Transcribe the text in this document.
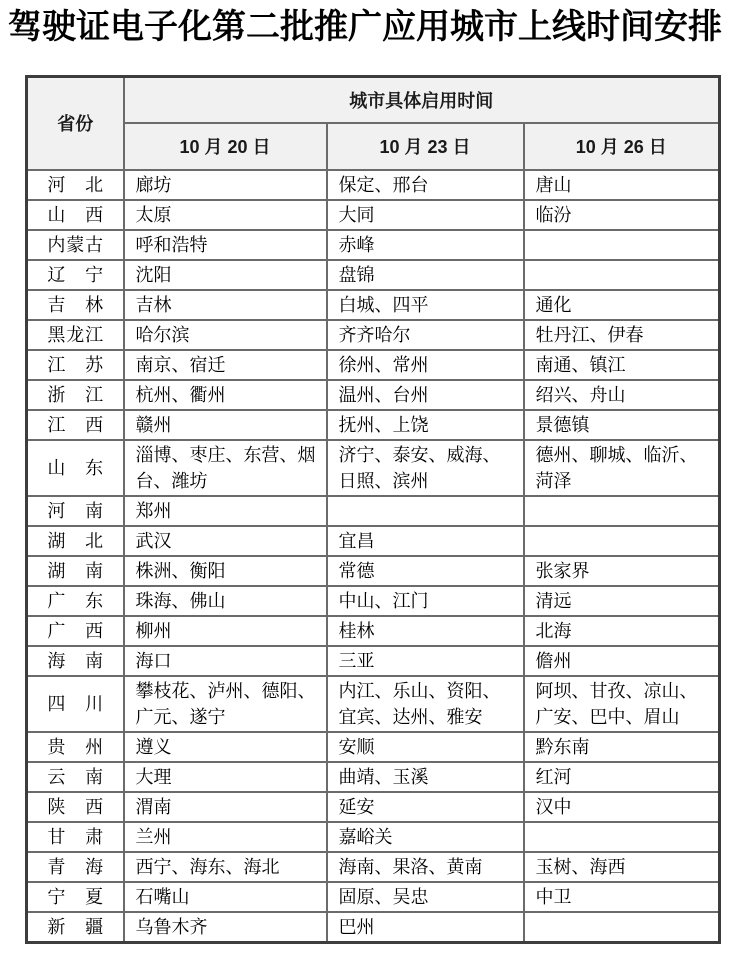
驾驶证电子化第二批推广应用城市上线时间安排
省份	城市具体启用时间		
	10 月 20 日	10 月 23 日	10 月 26 日
河北	廊坊	保定、邢台	唐山
山西	太原	大同	临汾
内蒙古	呼和浩特	赤峰	
辽宁	沈阳	盘锦	
吉林	吉林	白城、四平	通化
黑龙江	哈尔滨	齐齐哈尔	牡丹江、伊春
江苏	南京、宿迁	徐州、常州	南通、镇江
浙江	杭州、衢州	温州、台州	绍兴、舟山
江西	赣州	抚州、上饶	景德镇
山东	淄博、枣庄、东营、烟台、潍坊	济宁、泰安、威海、日照、滨州	德州、聊城、临沂、菏泽
河南	郑州		
湖北	武汉	宜昌	
湖南	株洲、衡阳	常德	张家界
广东	珠海、佛山	中山、江门	清远
广西	柳州	桂林	北海
海南	海口	三亚	儋州
四川	攀枝花、泸州、德阳、广元、遂宁	内江、乐山、资阳、宜宾、达州、雅安	阿坝、甘孜、凉山、广安、巴中、眉山
贵州	遵义	安顺	黔东南
云南	大理	曲靖、玉溪	红河
陕西	渭南	延安	汉中
甘肃	兰州	嘉峪关	
青海	西宁、海东、海北	海南、果洛、黄南	玉树、海西
宁夏	石嘴山	固原、吴忠	中卫
新疆	乌鲁木齐	巴州	
